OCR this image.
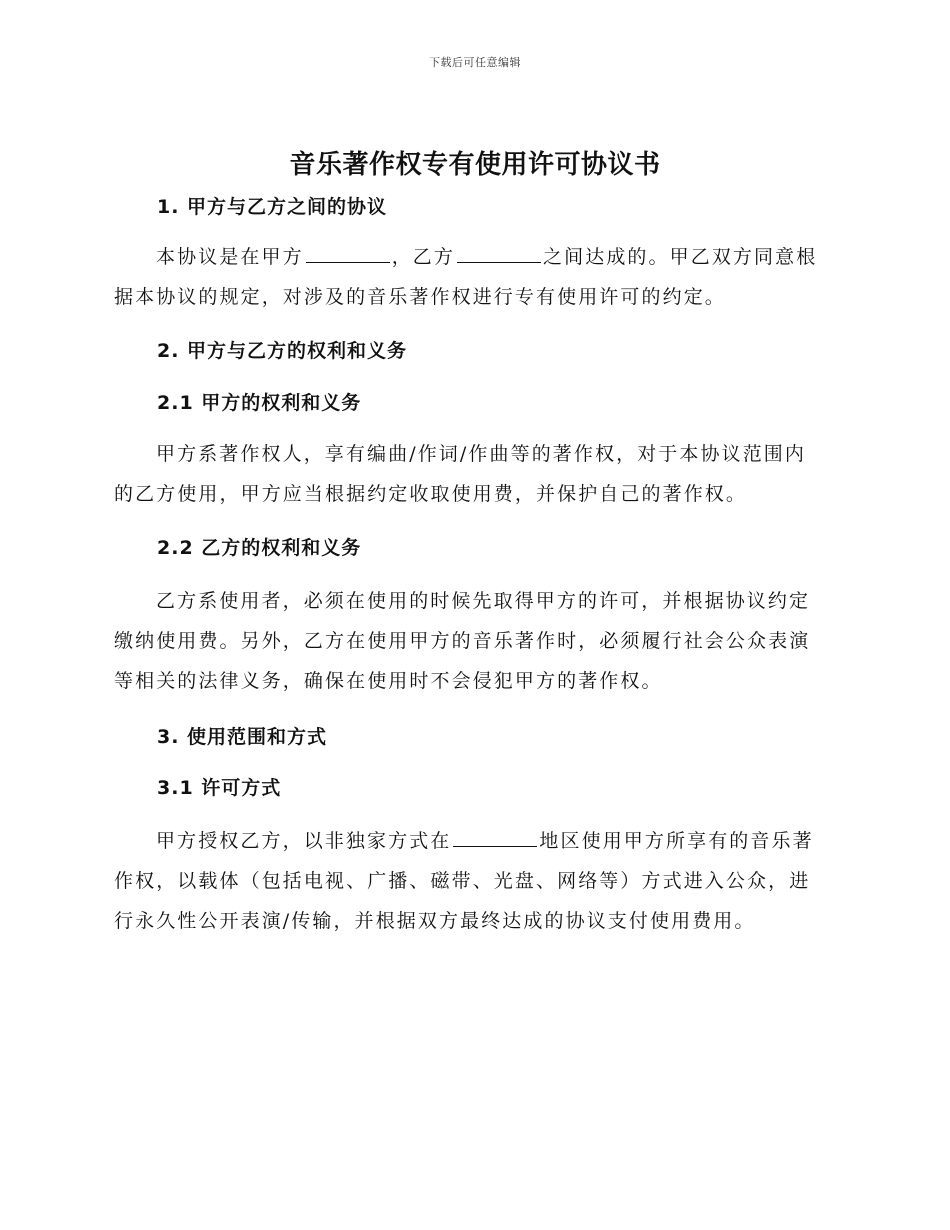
下载后可任意编辑
音乐著作权专有使用许可协议书
1. 甲方与乙方之间的协议
本协议是在甲方	，乙方	之间达成的。甲乙双方同意根
据本协议的规定，对涉及的音乐著作权进行专有使用许可的约定。
2. 甲方与乙方的权利和义务
2.1 甲方的权利和义务
甲方系著作权人，享有编曲/作词/作曲等的著作权，对于本协议范围内
的乙方使用，甲方应当根据约定收取使用费，并保护自己的著作权。
2.2 乙方的权利和义务
乙方系使用者，必须在使用的时候先取得甲方的许可，并根据协议约定
缴纳使用费。另外，乙方在使用甲方的音乐著作时，必须履行社会公众表演
等相关的法律义务，确保在使用时不会侵犯甲方的著作权。
3. 使用范围和方式
3.1 许可方式
甲方授权乙方，以非独家方式在	地区使用甲方所享有的音乐著
作权，以载体（包括电视、广播、磁带、光盘、网络等）方式进入公众，进
行永久性公开表演/传输，并根据双方最终达成的协议支付使用费用。
